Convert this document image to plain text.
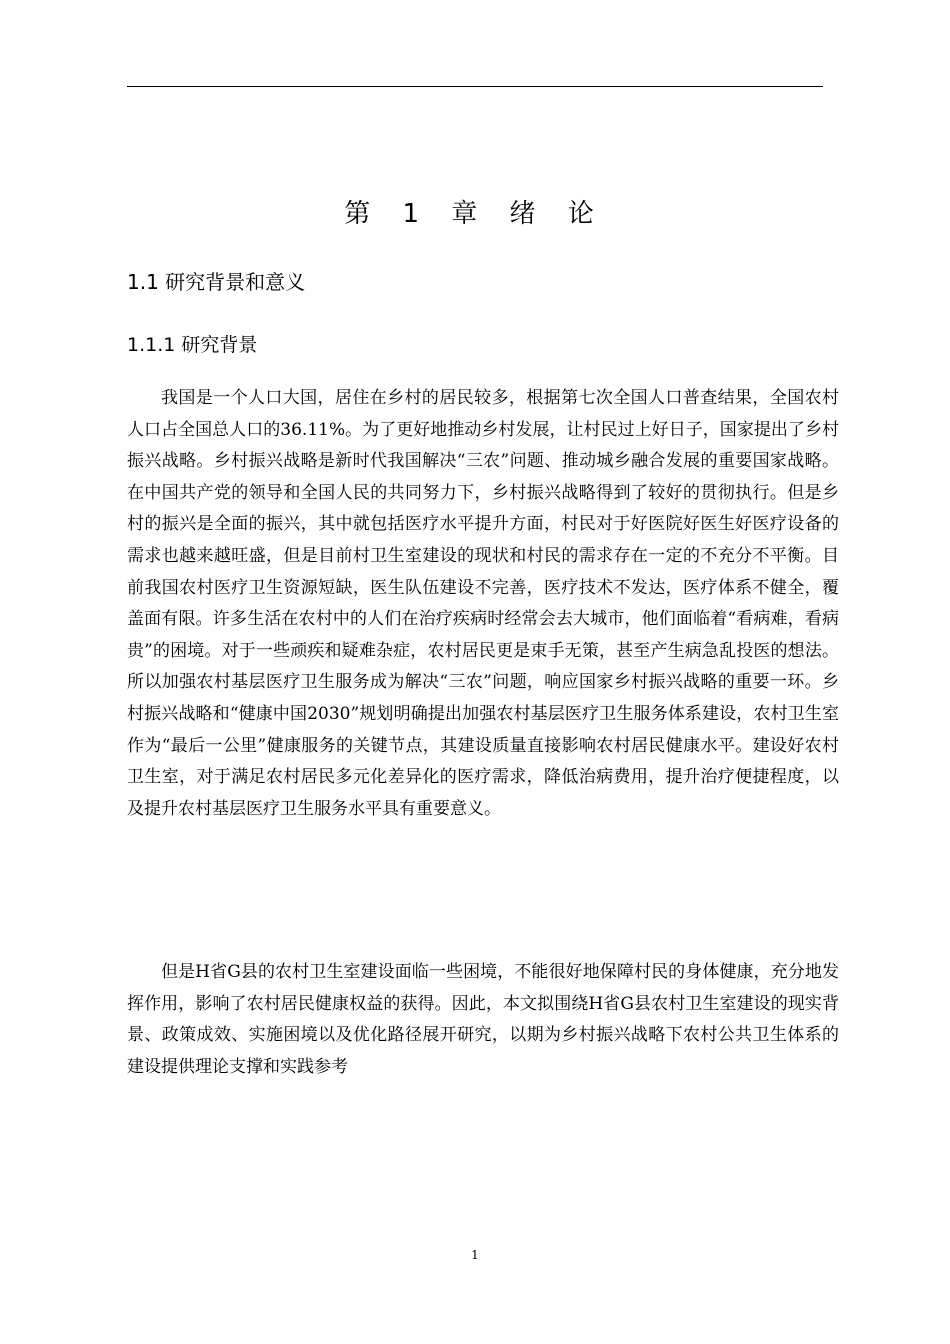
第 1 章 绪 论
1.1 研究背景和意义
1.1.1 研究背景

我国是一个人口大国，居住在乡村的居民较多，根据第七次全国人口普查结果，全国农村人口占全国总人口的36.11%。为了更好地推动乡村发展，让村民过上好日子，国家提出了乡村振兴战略。乡村振兴战略是新时代我国解决“三农”问题、推动城乡融合发展的重要国家战略。在中国共产党的领导和全国人民的共同努力下，乡村振兴战略得到了较好的贯彻执行。但是乡村的振兴是全面的振兴，其中就包括医疗水平提升方面，村民对于好医院好医生好医疗设备的需求也越来越旺盛，但是目前村卫生室建设的现状和村民的需求存在一定的不充分不平衡。目前我国农村医疗卫生资源短缺，医生队伍建设不完善，医疗技术不发达，医疗体系不健全，覆盖面有限。许多生活在农村中的人们在治疗疾病时经常会去大城市，他们面临着“看病难，看病贵”的困境。对于一些顽疾和疑难杂症，农村居民更是束手无策，甚至产生病急乱投医的想法。所以加强农村基层医疗卫生服务成为解决“三农”问题，响应国家乡村振兴战略的重要一环。乡村振兴战略和“健康中国2030”规划明确提出加强农村基层医疗卫生服务体系建设，农村卫生室作为“最后一公里”健康服务的关键节点，其建设质量直接影响农村居民健康水平。建设好农村卫生室，对于满足农村居民多元化差异化的医疗需求，降低治病费用，提升治疗便捷程度，以及提升农村基层医疗卫生服务水平具有重要意义。

但是H省G县的农村卫生室建设面临一些困境，不能很好地保障村民的身体健康，充分地发挥作用，影响了农村居民健康权益的获得。因此，本文拟围绕H省G县农村卫生室建设的现实背景、政策成效、实施困境以及优化路径展开研究，以期为乡村振兴战略下农村公共卫生体系的建设提供理论支撑和实践参考

1
